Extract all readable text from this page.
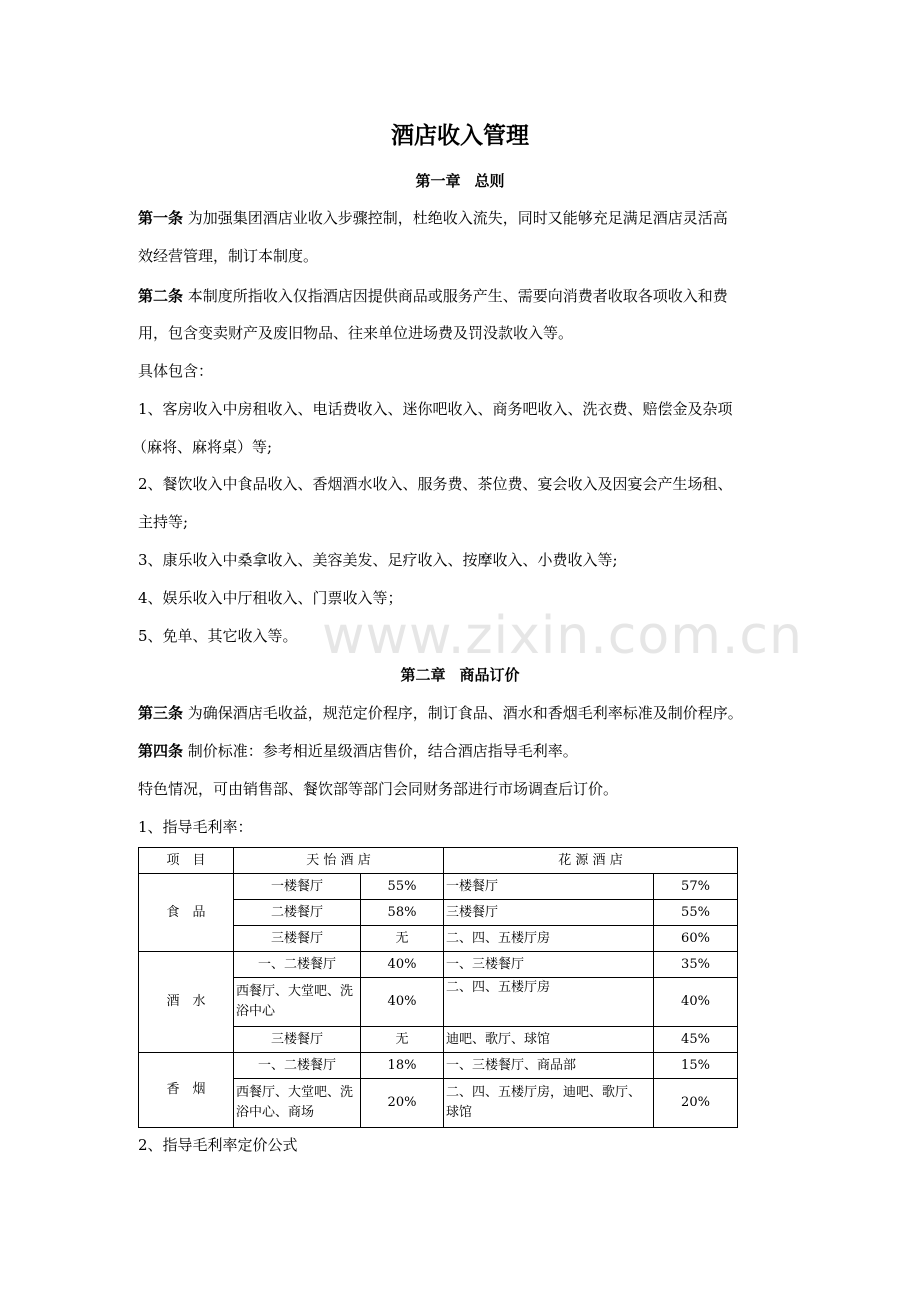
www.zixin.com.cn
酒店收入管理
第一章 总则
第一条 为加强集团酒店业收入步骤控制，杜绝收入流失，同时又能够充足满足酒店灵活高
效经营管理，制订本制度。
第二条 本制度所指收入仅指酒店因提供商品或服务产生、需要向消费者收取各项收入和费
用，包含变卖财产及废旧物品、往来单位进场费及罚没款收入等。
具体包含：
1、客房收入中房租收入、电话费收入、迷你吧收入、商务吧收入、洗衣费、赔偿金及杂项
（麻将、麻将桌）等;
2、餐饮收入中食品收入、香烟酒水收入、服务费、茶位费、宴会收入及因宴会产生场租、
主持等;
3、康乐收入中桑拿收入、美容美发、足疗收入、按摩收入、小费收入等;
4、娱乐收入中厅租收入、门票收入等；
5、免单、其它收入等。
第二章 商品订价
第三条 为确保酒店毛收益，规范定价程序，制订食品、酒水和香烟毛利率标准及制价程序。
第四条 制价标准：参考相近星级酒店售价，结合酒店指导毛利率。
特色情况，可由销售部、餐饮部等部门会同财务部进行市场调查后订价。
1、指导毛利率：
项　目	天 怡 酒 店		花 源 酒 店	
食　品	一楼餐厅	55%	一楼餐厅	57%
	二楼餐厅	58%	三楼餐厅	55%
	三楼餐厅	无	二、四、五楼厅房	60%
酒　水	一、二楼餐厅	40%	一、三楼餐厅	35%
	西餐厅、大堂吧、洗浴中心	40%	二、四、五楼厅房	40%
	三楼餐厅	无	迪吧、歌厅、球馆	45%
香　烟	一、二楼餐厅	18%	一、三楼餐厅、商品部	15%
	西餐厅、大堂吧、洗浴中心、商场	20%	二、四、五楼厅房，迪吧、歌厅、球馆	20%
2、指导毛利率定价公式
